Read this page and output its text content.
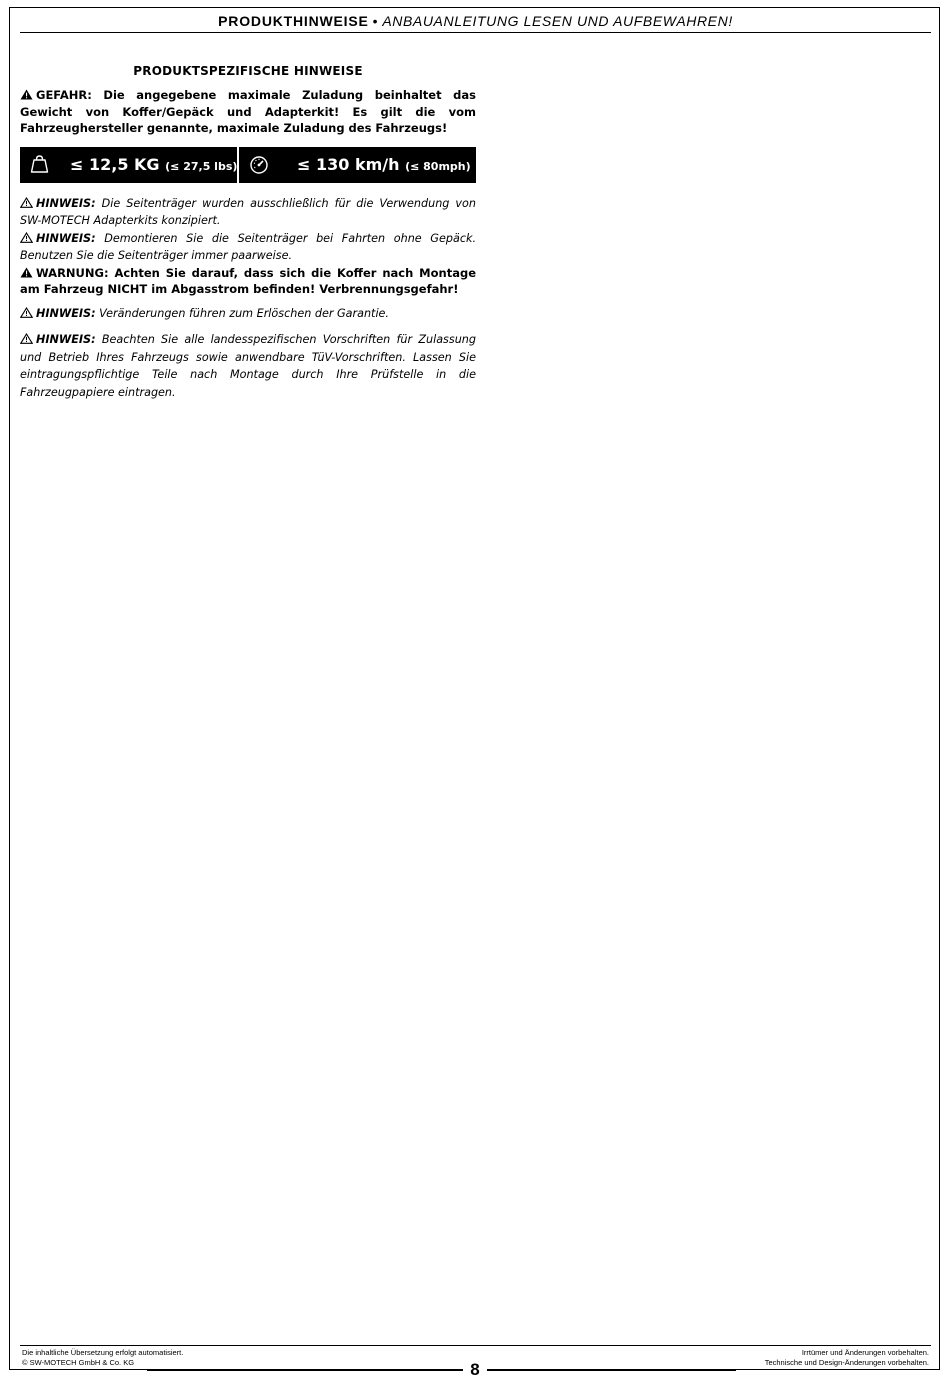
PRODUKTHINWEISE • ANBAUANLEITUNG LESEN UND AUFBEWAHREN!
PRODUKTSPEZIFISCHE HINWEISE

GEFAHR: Die angegebene maximale Zuladung beinhaltet das Gewicht von Koffer/Gepäck und Adapterkit! Es gilt die vom Fahrzeughersteller genannte, maximale Zuladung des Fahrzeugs!

≤ 12,5 KG (≤ 27,5 lbs)	≤ 130 km/h (≤ 80mph)

HINWEIS: Die Seitenträger wurden ausschließlich für die Verwendung von SW-MOTECH Adapterkits konzipiert.

HINWEIS: Demontieren Sie die Seitenträger bei Fahrten ohne Gepäck. Benutzen Sie die Seitenträger immer paarweise.

WARNUNG: Achten Sie darauf, dass sich die Koffer nach Montage am Fahrzeug NICHT im Abgasstrom befinden! Verbrennungsgefahr!

HINWEIS: Veränderungen führen zum Erlöschen der Garantie.

HINWEIS: Beachten Sie alle landesspezifischen Vorschriften für Zulassung und Betrieb Ihres Fahrzeugs sowie anwendbare TüV-Vorschriften. Lassen Sie eintragungspflichtige Teile nach Montage durch Ihre Prüfstelle in die Fahrzeugpapiere eintragen.

Die inhaltliche Übersetzung erfolgt automatisiert.
© SW-MOTECH GmbH & Co. KG
Irrtümer und Änderungen vorbehalten.
Technische und Design-Änderungen vorbehalten.
8
